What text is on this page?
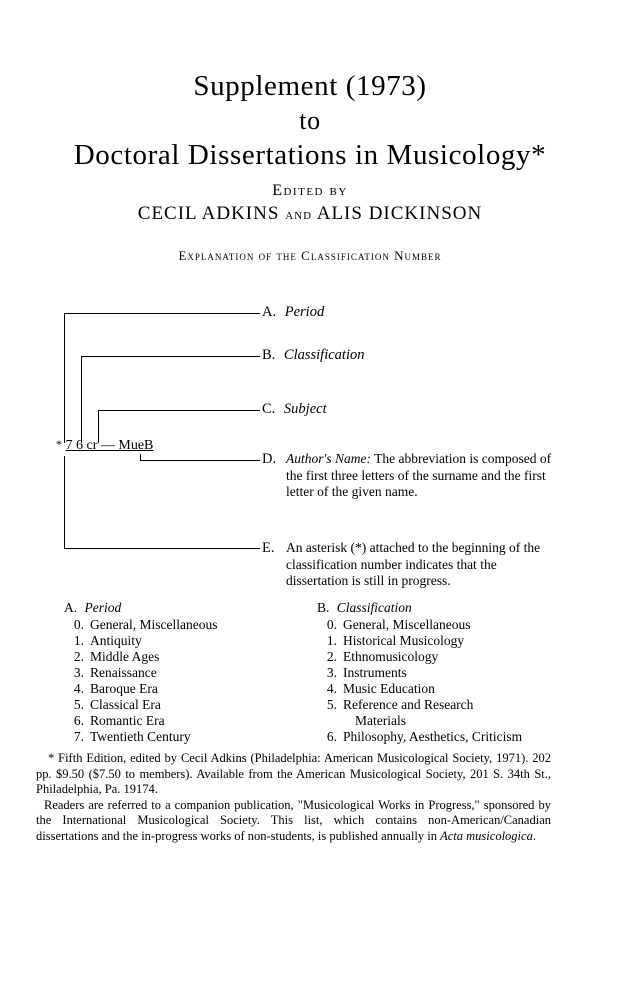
Supplement (1973)
to
Doctoral Dissertations in Musicology*
Edited by
CECIL ADKINS and ALIS DICKINSON
Explanation of the Classification Number
* 7 6 cr — MueB
A. Period
B. Classification
C. Subject
D. Author's Name: The abbreviation is composed of the first three letters of the surname and the first letter of the given name.
E. An asterisk (*) attached to the beginning of the classification number indicates that the dissertation is still in progress.
A. Period
0. General, Miscellaneous
1. Antiquity
2. Middle Ages
3. Renaissance
4. Baroque Era
5. Classical Era
6. Romantic Era
7. Twentieth Century
B. Classification
0. General, Miscellaneous
1. Historical Musicology
2. Ethnomusicology
3. Instruments
4. Music Education
5. Reference and Research
Materials
6. Philosophy, Aesthetics, Criticism
* Fifth Edition, edited by Cecil Adkins (Philadelphia: American Musicological Society, 1971). 202 pp. $9.50 ($7.50 to members). Available from the American Musicological Society, 201 S. 34th St., Philadelphia, Pa. 19174.
Readers are referred to a companion publication, "Musicological Works in Progress," sponsored by the International Musicological Society. This list, which contains non-American/Canadian dissertations and the in-progress works of non-students, is published annually in Acta musicologica.
